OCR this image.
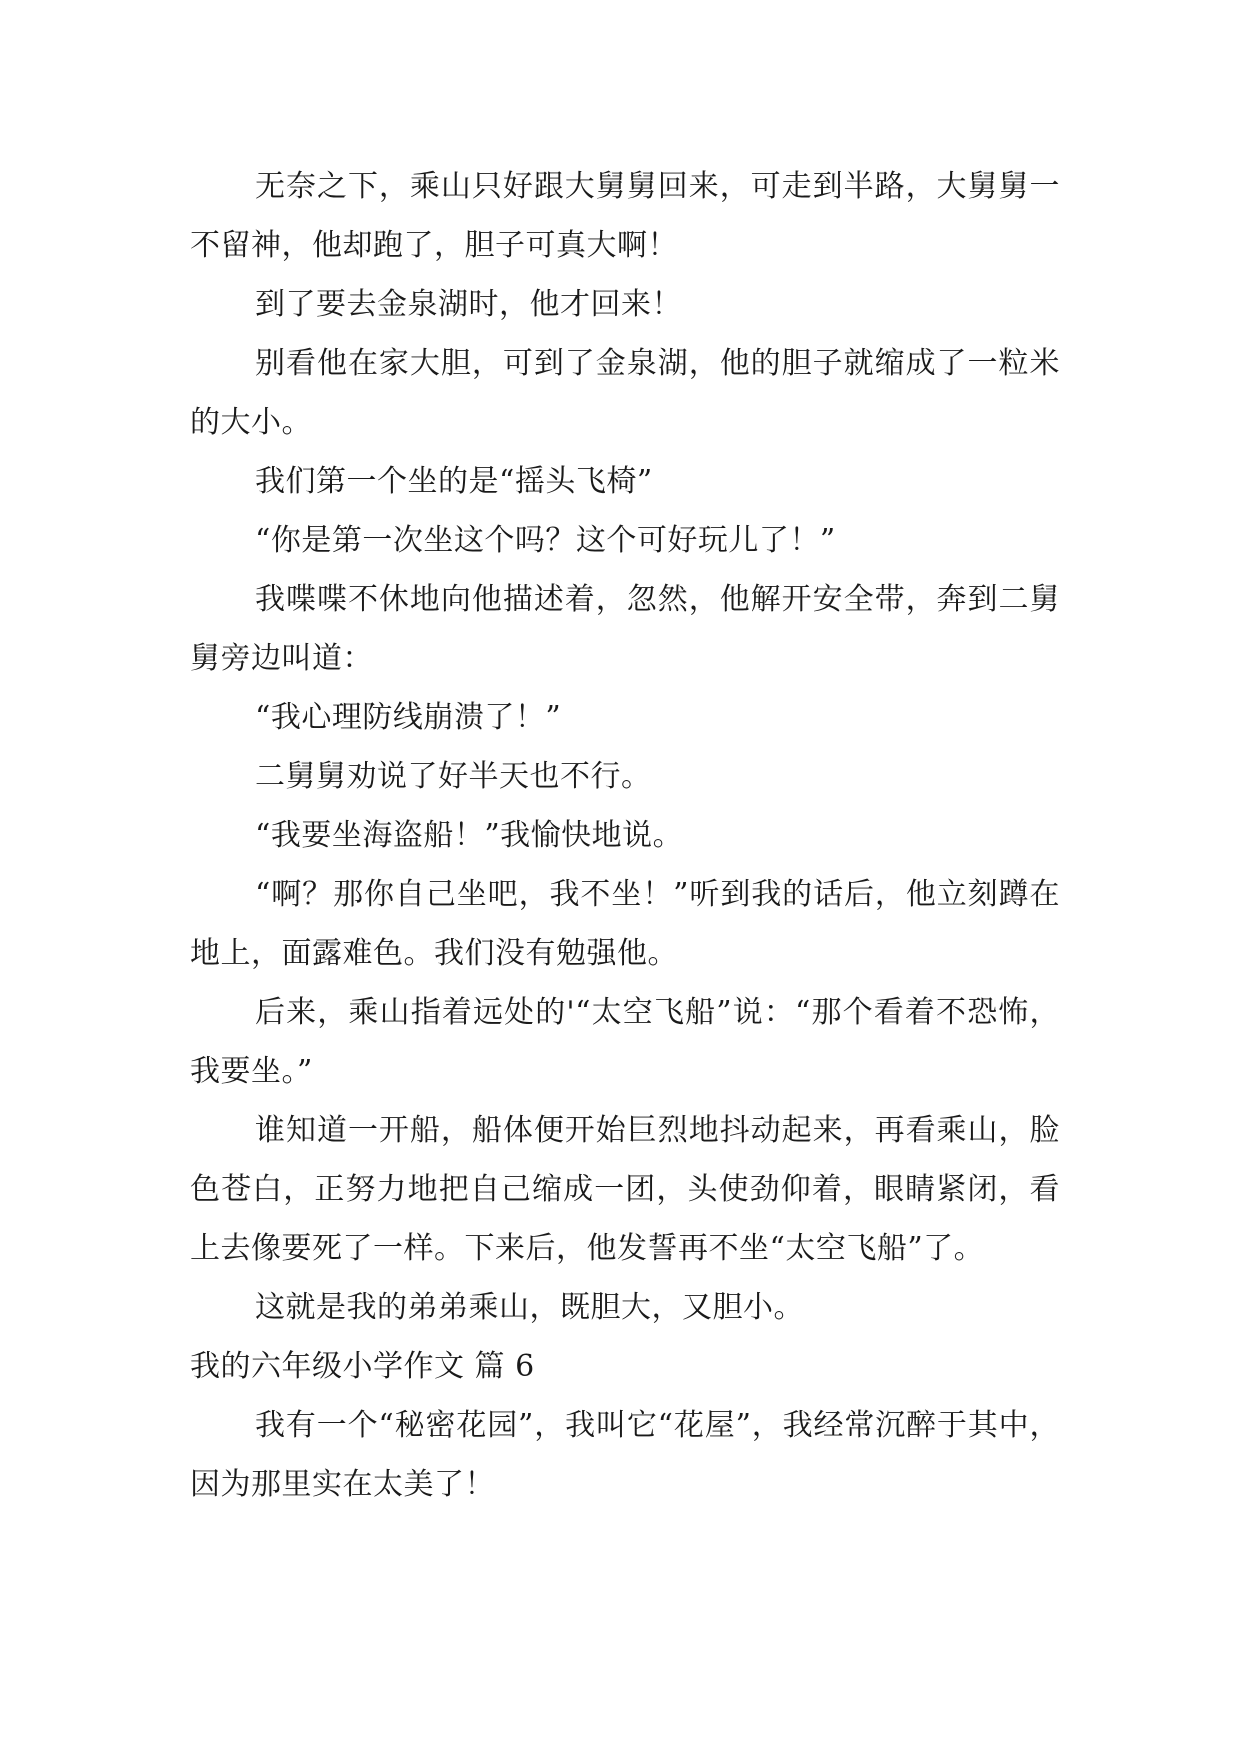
无奈之下，乘山只好跟大舅舅回来，可走到半路，大舅舅一不留神，他却跑了，胆子可真大啊！

到了要去金泉湖时，他才回来！

别看他在家大胆，可到了金泉湖，他的胆子就缩成了一粒米的大小。

我们第一个坐的是“摇头飞椅”

“你是第一次坐这个吗？这个可好玩儿了！”

我喋喋不休地向他描述着，忽然，他解开安全带，奔到二舅舅旁边叫道：

“我心理防线崩溃了！”

二舅舅劝说了好半天也不行。

“我要坐海盗船！”我愉快地说。

“啊？那你自己坐吧，我不坐！”听到我的话后，他立刻蹲在地上，面露难色。我们没有勉强他。

后来，乘山指着远处的'“太空飞船”说：“那个看着不恐怖，我要坐。”

谁知道一开船，船体便开始巨烈地抖动起来，再看乘山，脸色苍白，正努力地把自己缩成一团，头使劲仰着，眼睛紧闭，看上去像要死了一样。下来后，他发誓再不坐“太空飞船”了。

这就是我的弟弟乘山，既胆大，又胆小。

我的六年级小学作文 篇 6

我有一个“秘密花园”，我叫它“花屋”，我经常沉醉于其中，因为那里实在太美了！
